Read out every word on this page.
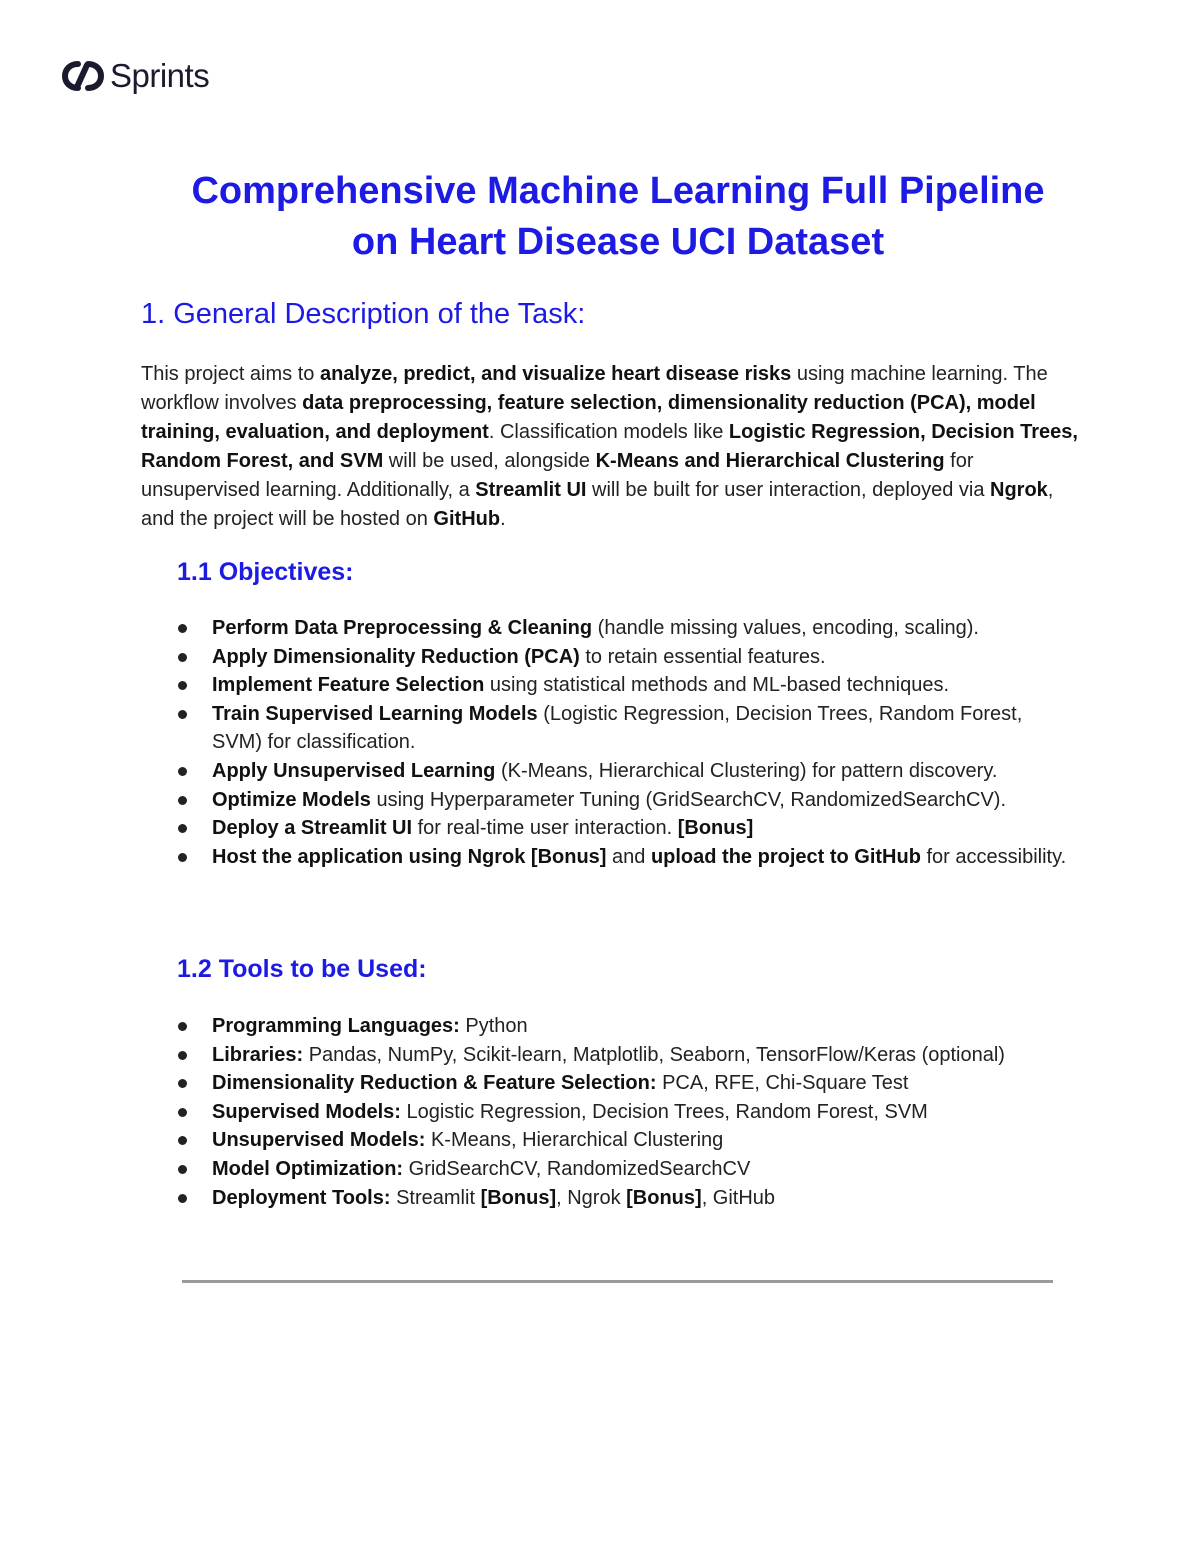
Sprints
Comprehensive Machine Learning Full Pipeline
on Heart Disease UCI Dataset
1. General Description of the Task:

This project aims to analyze, predict, and visualize heart disease risks using machine learning. The workflow involves data preprocessing, feature selection, dimensionality reduction (PCA), model training, evaluation, and deployment. Classification models like Logistic Regression, Decision Trees, Random Forest, and SVM will be used, alongside K-Means and Hierarchical Clustering for unsupervised learning. Additionally, a Streamlit UI will be built for user interaction, deployed via Ngrok, and the project will be hosted on GitHub.

1.1 Objectives:
Perform Data Preprocessing & Cleaning (handle missing values, encoding, scaling).
Apply Dimensionality Reduction (PCA) to retain essential features.
Implement Feature Selection using statistical methods and ML-based techniques.
Train Supervised Learning Models (Logistic Regression, Decision Trees, Random Forest, SVM) for classification.
Apply Unsupervised Learning (K-Means, Hierarchical Clustering) for pattern discovery.
Optimize Models using Hyperparameter Tuning (GridSearchCV, RandomizedSearchCV).
Deploy a Streamlit UI for real-time user interaction. [Bonus]
Host the application using Ngrok [Bonus] and upload the project to GitHub for accessibility.
1.2 Tools to be Used:
Programming Languages: Python
Libraries: Pandas, NumPy, Scikit-learn, Matplotlib, Seaborn, TensorFlow/Keras (optional)
Dimensionality Reduction & Feature Selection: PCA, RFE, Chi-Square Test
Supervised Models: Logistic Regression, Decision Trees, Random Forest, SVM
Unsupervised Models: K-Means, Hierarchical Clustering
Model Optimization: GridSearchCV, RandomizedSearchCV
Deployment Tools: Streamlit [Bonus], Ngrok [Bonus], GitHub
